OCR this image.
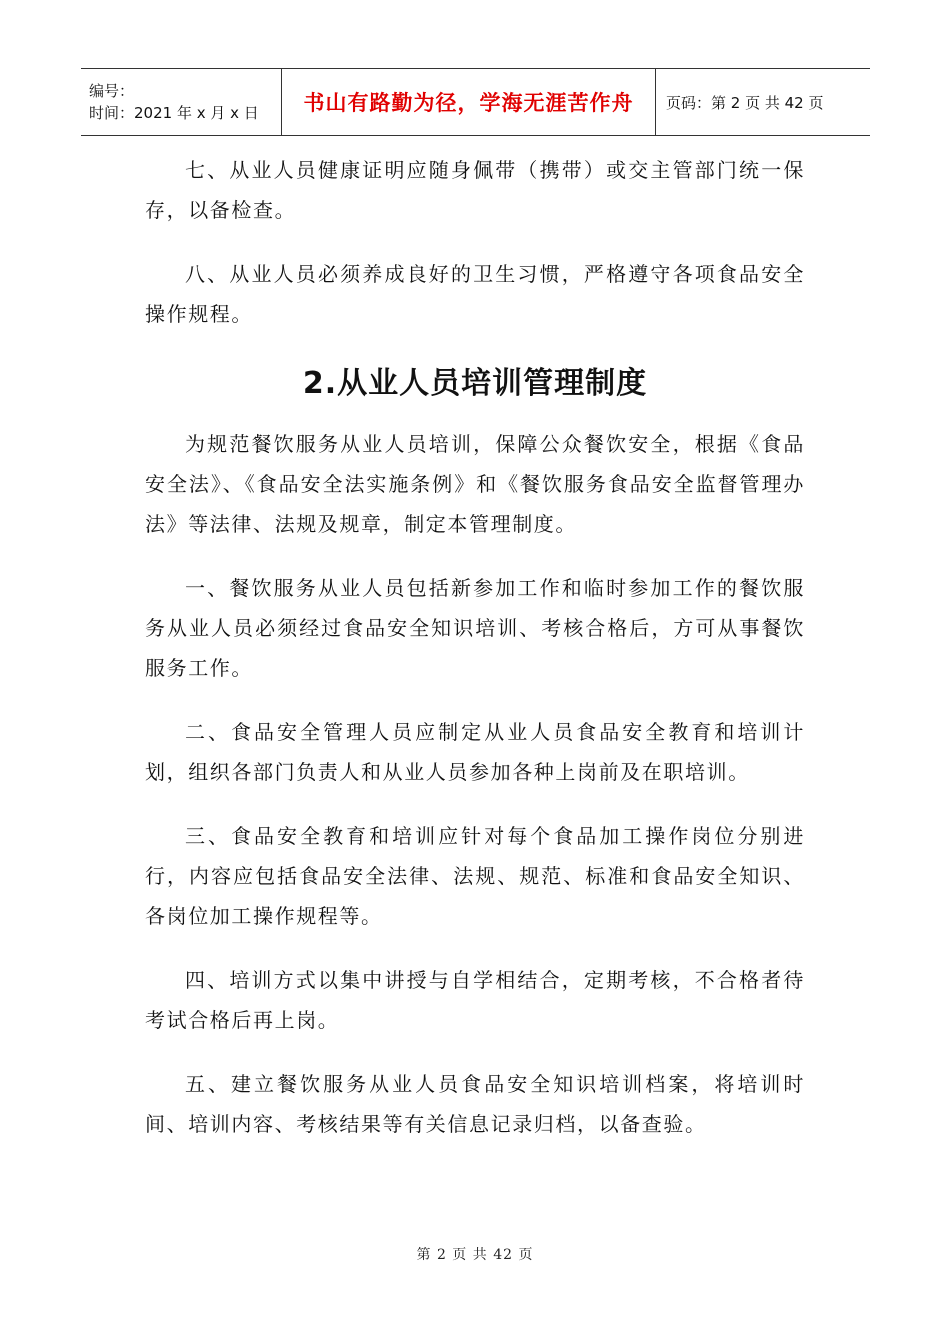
编号：
时间：2021 年 x 月 x 日	书山有路勤为径，学海无涯苦作舟	页码：第 2 页 共 42 页

七、从业人员健康证明应随身佩带（携带）或交主管部门统一保存，以备检查。

八、从业人员必须养成良好的卫生习惯，严格遵守各项食品安全操作规程。

2.从业人员培训管理制度

为规范餐饮服务从业人员培训，保障公众餐饮安全，根据《食品安全法》、《食品安全法实施条例》和《餐饮服务食品安全监督管理办法》等法律、法规及规章，制定本管理制度。

一、餐饮服务从业人员包括新参加工作和临时参加工作的餐饮服务从业人员必须经过食品安全知识培训、考核合格后，方可从事餐饮服务工作。

二、食品安全管理人员应制定从业人员食品安全教育和培训计划，组织各部门负责人和从业人员参加各种上岗前及在职培训。

三、食品安全教育和培训应针对每个食品加工操作岗位分别进行，内容应包括食品安全法律、法规、规范、标准和食品安全知识、各岗位加工操作规程等。

四、培训方式以集中讲授与自学相结合，定期考核，不合格者待考试合格后再上岗。

五、建立餐饮服务从业人员食品安全知识培训档案，将培训时间、培训内容、考核结果等有关信息记录归档，以备查验。

第 2 页 共 42 页
